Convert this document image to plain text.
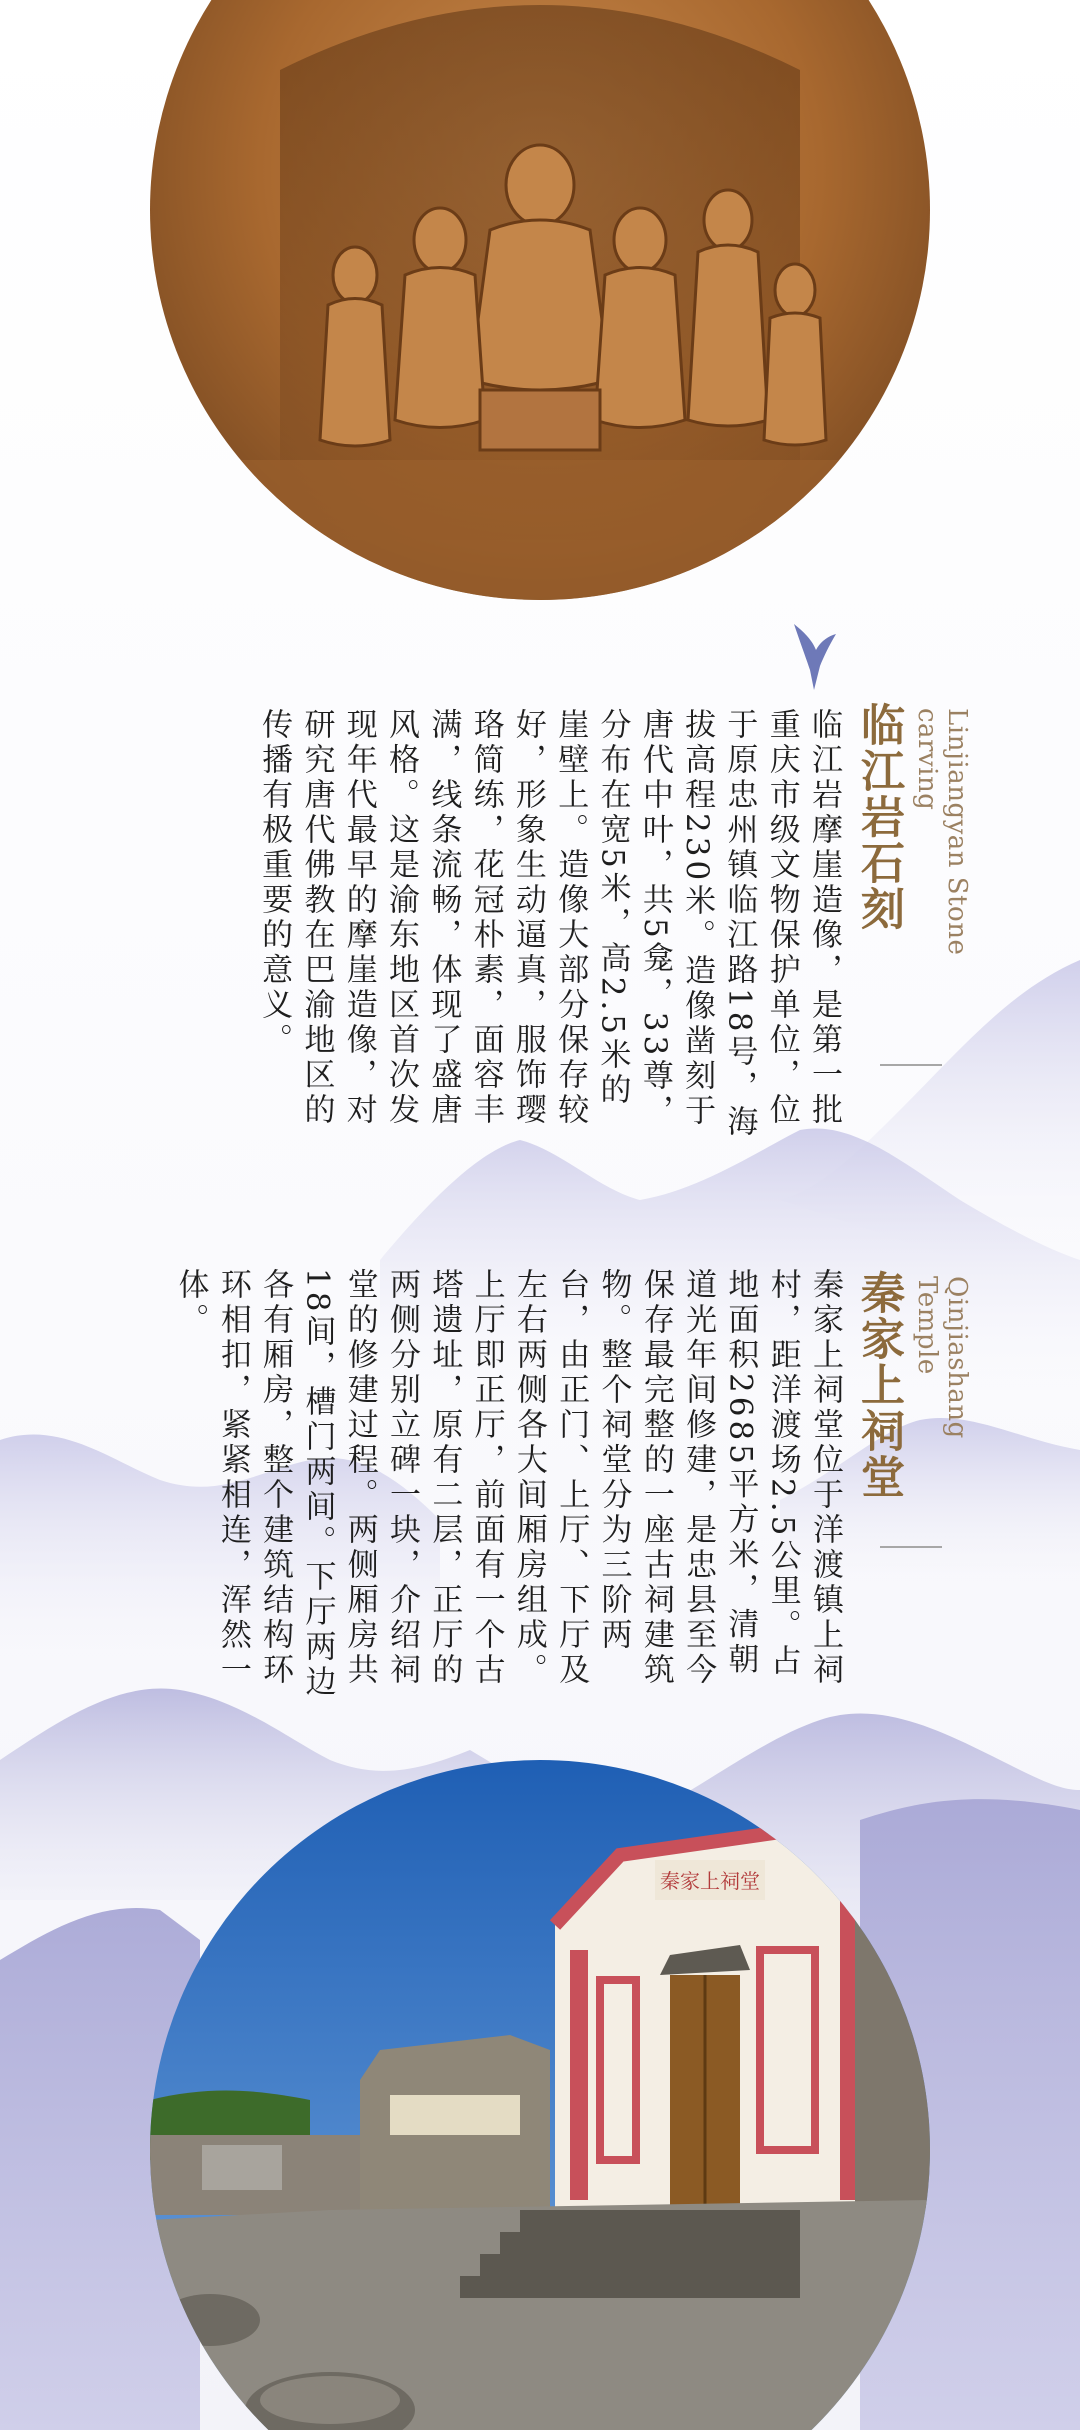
临江岩石刻	Linjiangyan Stone carving
临江岩摩崖造像，是第一批重庆市级文物保护单位，位于原忠州镇临江路18号，海拔高程230米。造像凿刻于唐代中叶，共5龛，33尊，分布在宽5米，高2.5米的崖壁上。造像大部分保存较好，形象生动逼真，服饰璎珞简练，花冠朴素，面容丰满，线条流畅，体现了盛唐风格。这是渝东地区首次发现年代最早的摩崖造像，对研究唐代佛教在巴渝地区的传播有极重要的意义。
秦家上祠堂	Qinjiashang Temple
秦家上祠堂位于洋渡镇上祠村，距洋渡场2.5公里。占地面积2685平方米，清朝道光年间修建，是忠县至今保存最完整的一座古祠建筑物。整个祠堂分为三阶两台，由正门、上厅、下厅及左右两侧各大间厢房组成。上厅即正厅，前面有一个古塔遗址，原有二层，正厅的两侧分别立碑一块，介绍祠堂的修建过程。两侧厢房共18间，槽门两间。下厅两边各有厢房，整个建筑结构环环相扣，紧紧相连，浑然一体。
秦家上祠堂
